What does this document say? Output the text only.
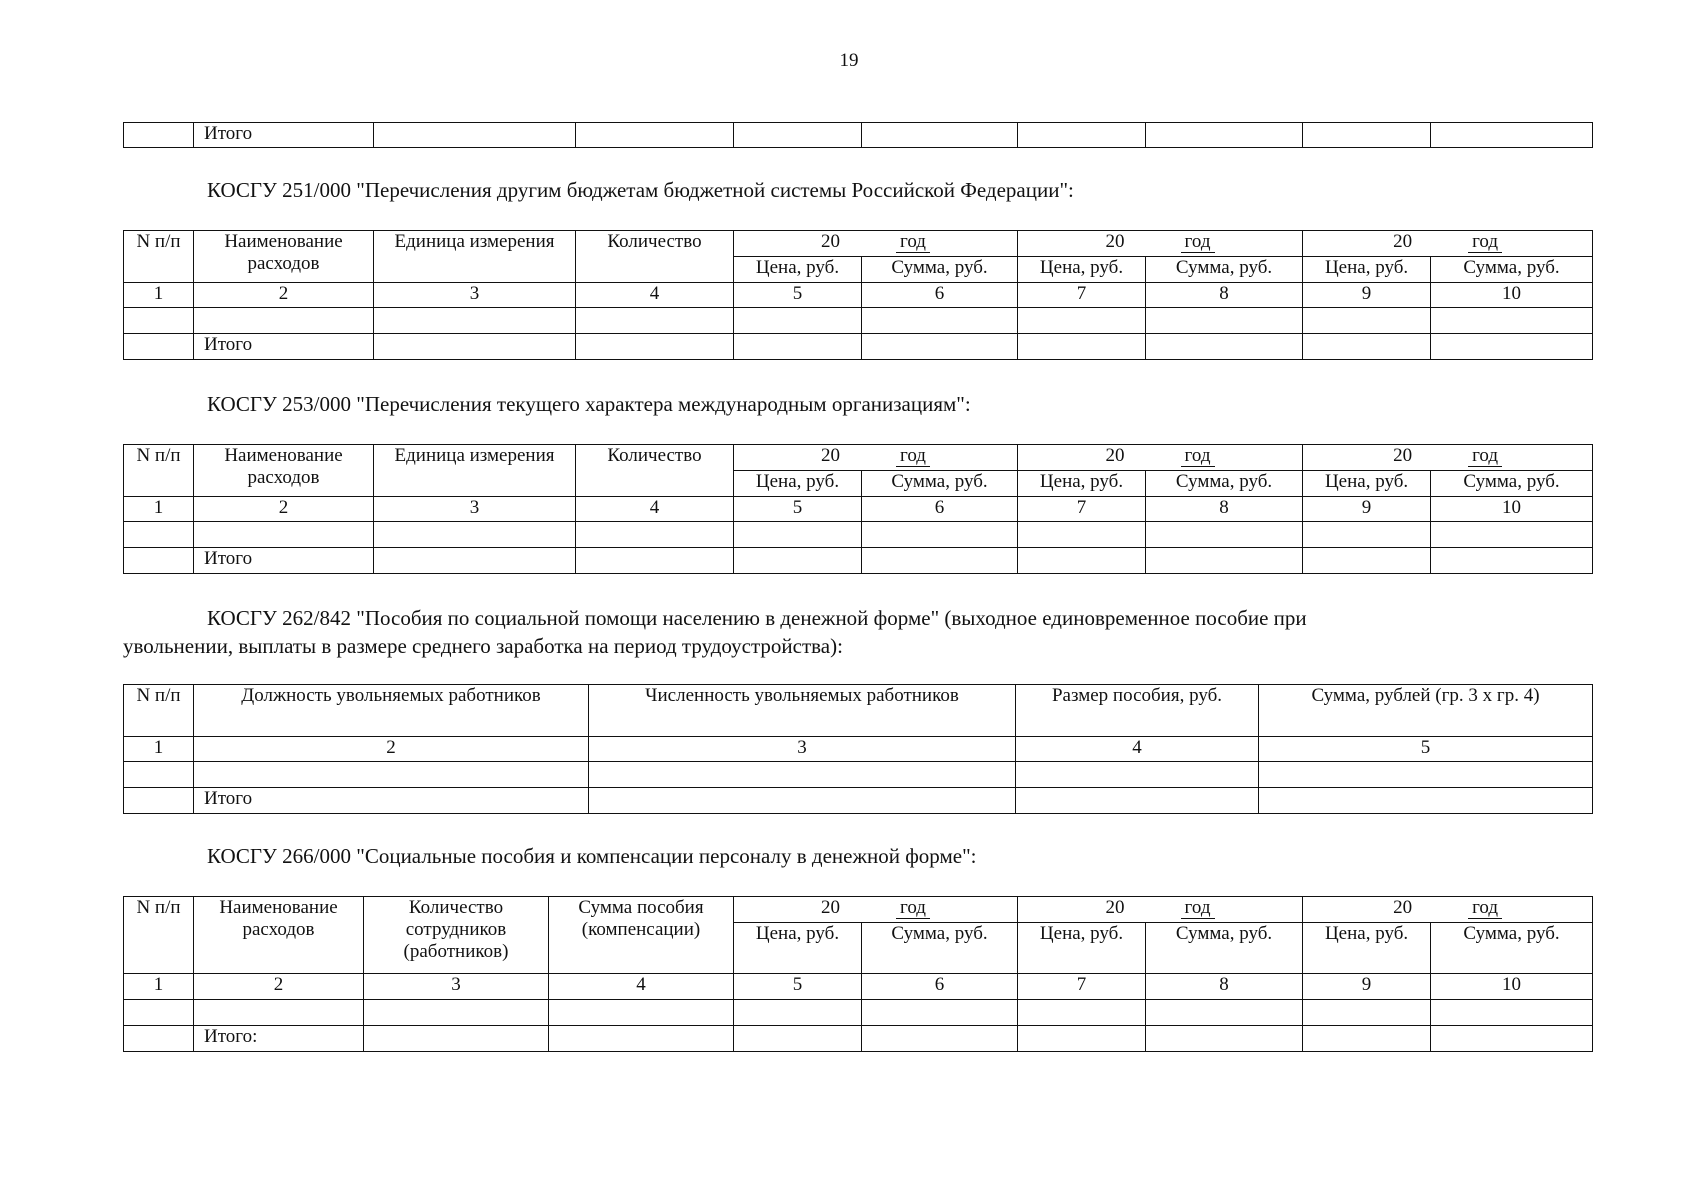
19
	Итого								
КОСГУ 251/000 "Перечисления другим бюджетам бюджетной системы Российской Федерации":
N п/п	Наименование расходов	Единица измерения	Количество	20 год		20 год		20 год	
				Цена, руб.	Сумма, руб.	Цена, руб.	Сумма, руб.	Цена, руб.	Сумма, руб.
1	2	3	4	5	6	7	8	9	10

	Итого								
КОСГУ 253/000 "Перечисления текущего характера международным организациям":
N п/п	Наименование расходов	Единица измерения	Количество	20 год		20 год		20 год	
				Цена, руб.	Сумма, руб.	Цена, руб.	Сумма, руб.	Цена, руб.	Сумма, руб.
1	2	3	4	5	6	7	8	9	10

	Итого								
КОСГУ 262/842 "Пособия по социальной помощи населению в денежной форме" (выходное единовременное пособие при
увольнении, выплаты в размере среднего заработка на период трудоустройства):
N п/п	Должность увольняемых работников	Численность увольняемых работников	Размер пособия, руб.	Сумма, рублей (гр. 3 x гр. 4)
1	2	3	4	5

	Итого			
КОСГУ 266/000 "Социальные пособия и компенсации персоналу в денежной форме":
N п/п	Наименование расходов	Количество сотрудников (работников)	Сумма пособия (компенсации)	20 год		20 год		20 год	
				Цена, руб.	Сумма, руб.	Цена, руб.	Сумма, руб.	Цена, руб.	Сумма, руб.
1	2	3	4	5	6	7	8	9	10

	Итого:								
